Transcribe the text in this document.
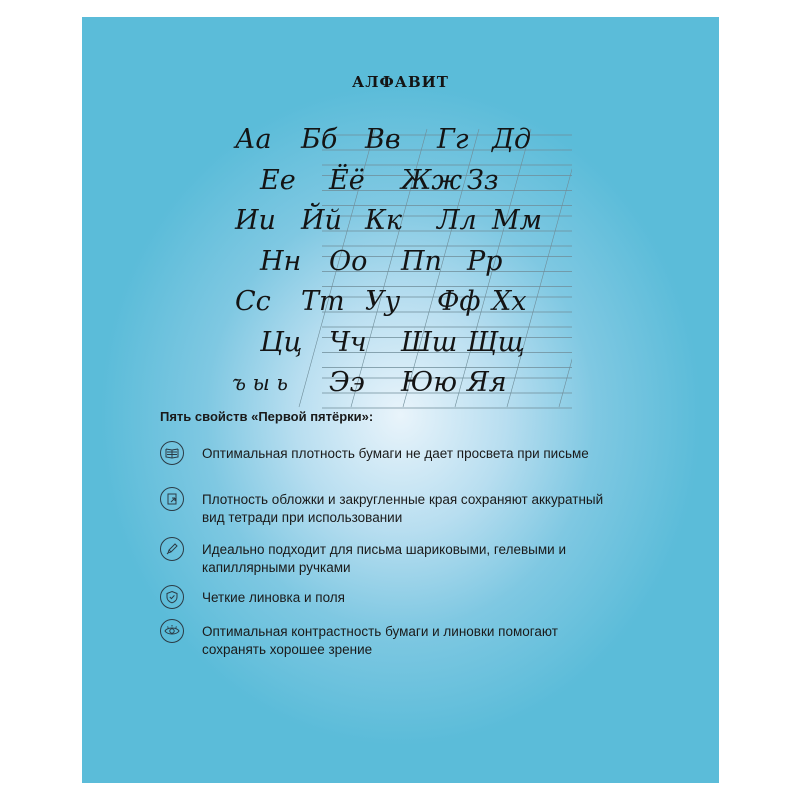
АЛФАВИТ
Аа Бб Вв Гг Дд
Ее Ёё Жж Зз
Ии Йй Кк Лл Мм
Нн Оо Пп Рр
Сс Тт Уу Фф Хх
Цц Чч Шш Щщ
ъ ы ь Ээ Юю Яя
Пять свойств «Первой пятёрки»:
Оптимальная плотность бумаги не дает просвета при письме
Плотность обложки и закругленные края сохраняют аккуратный вид тетради при использовании
Идеально подходит для письма шариковыми, гелевыми и капиллярными ручками
Четкие линовка и поля
Оптимальная контрастность бумаги и линовки помогают сохранять хорошее зрение
